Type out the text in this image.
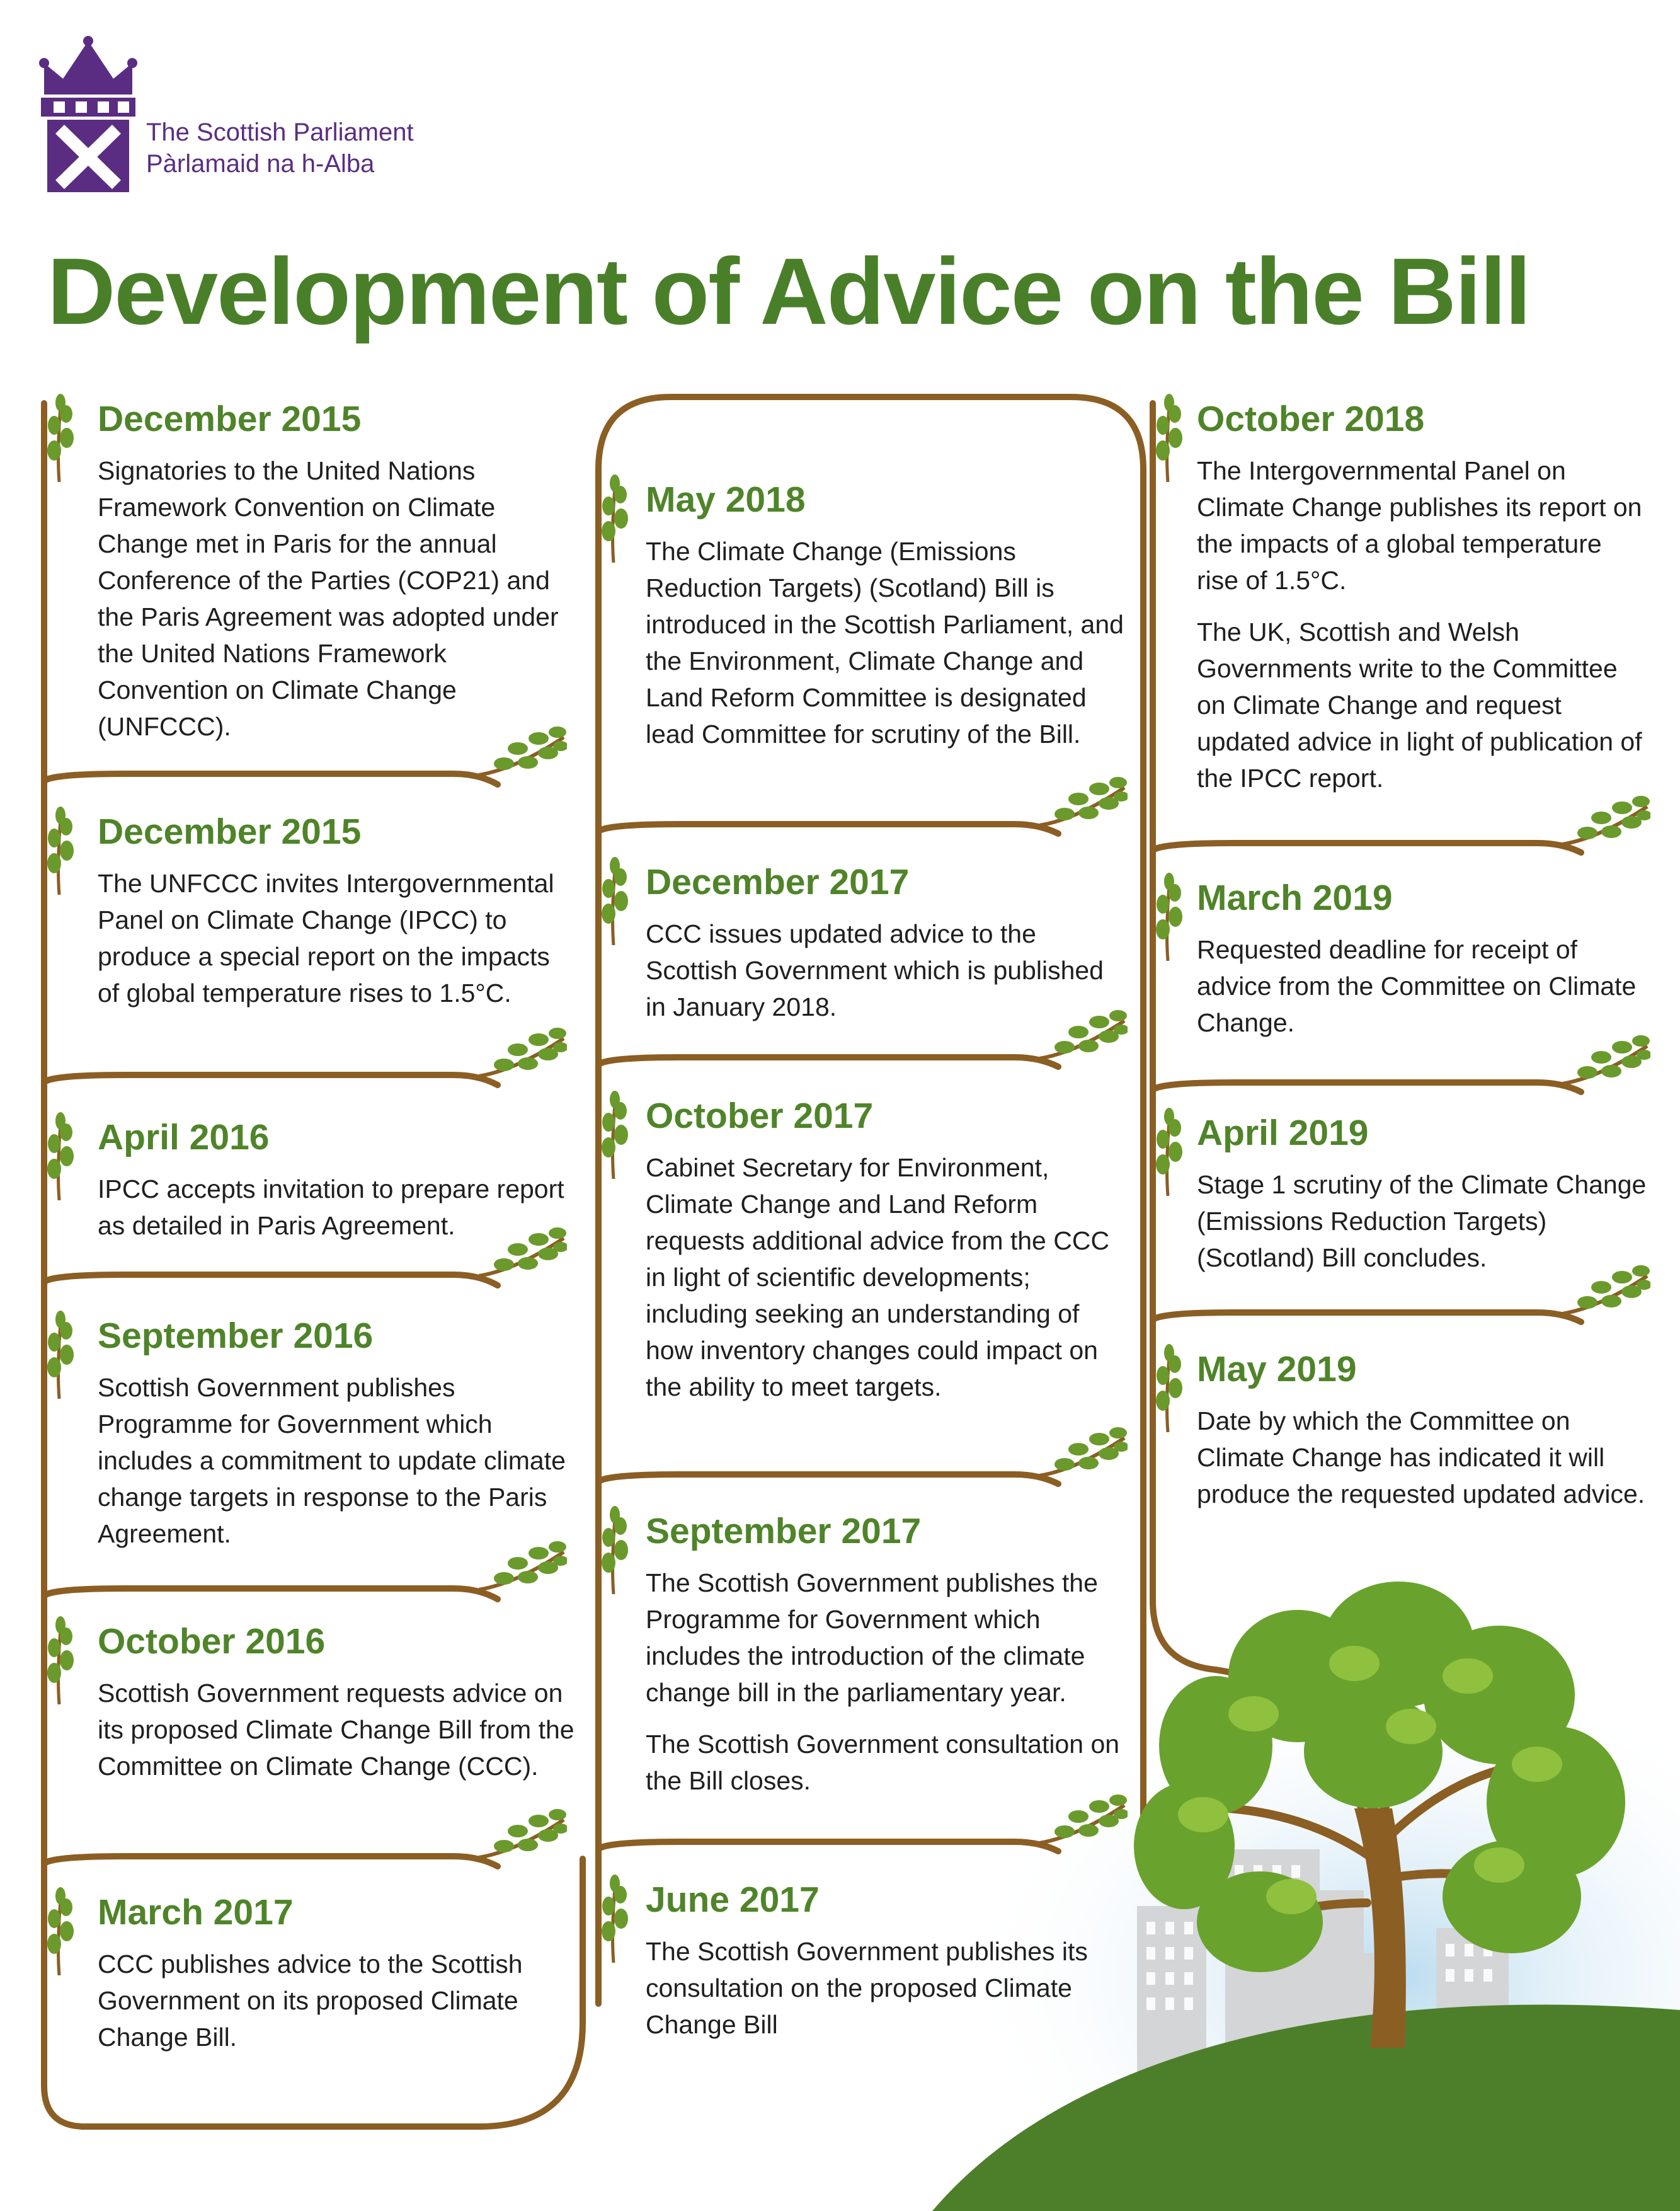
The Scottish Parliament
Pàrlamaid na h-Alba
Development of Advice on the Bill
December 2015

Signatories to the United Nations Framework Convention on Climate Change met in Paris for the annual Conference of the Parties (COP21) and the Paris Agreement was adopted under the United Nations Framework Convention on Climate Change (UNFCCC).

December 2015

The UNFCCC invites Intergovernmental Panel on Climate Change (IPCC) to produce a special report on the impacts of global temperature rises to 1.5°C.

April 2016

IPCC accepts invitation to prepare report as detailed in Paris Agreement.

September 2016

Scottish Government publishes Programme for Government which includes a commitment to update climate change targets in response to the Paris Agreement.

October 2016

Scottish Government requests advice on its proposed Climate Change Bill from the Committee on Climate Change (CCC).

March 2017

CCC publishes advice to the Scottish Government on its proposed Climate Change Bill.

May 2018

The Climate Change (Emissions Reduction Targets) (Scotland) Bill is introduced in the Scottish Parliament, and the Environment, Climate Change and Land Reform Committee is designated lead Committee for scrutiny of the Bill.

December 2017

CCC issues updated advice to the Scottish Government which is published in January 2018.

October 2017

Cabinet Secretary for Environment, Climate Change and Land Reform requests additional advice from the CCC in light of scientific developments; including seeking an understanding of how inventory changes could impact on the ability to meet targets.

September 2017

The Scottish Government publishes the Programme for Government which includes the introduction of the climate change bill in the parliamentary year.

The Scottish Government consultation on the Bill closes.

June 2017

The Scottish Government publishes its consultation on the proposed Climate Change Bill

October 2018

The Intergovernmental Panel on Climate Change publishes its report on the impacts of a global temperature rise of 1.5°C.

The UK, Scottish and Welsh Governments write to the Committee on Climate Change and request updated advice in light of publication of the IPCC report.

March 2019

Requested deadline for receipt of advice from the Committee on Climate Change.

April 2019

Stage 1 scrutiny of the Climate Change (Emissions Reduction Targets) (Scotland) Bill concludes.

May 2019

Date by which the Committee on Climate Change has indicated it will produce the requested updated advice.
